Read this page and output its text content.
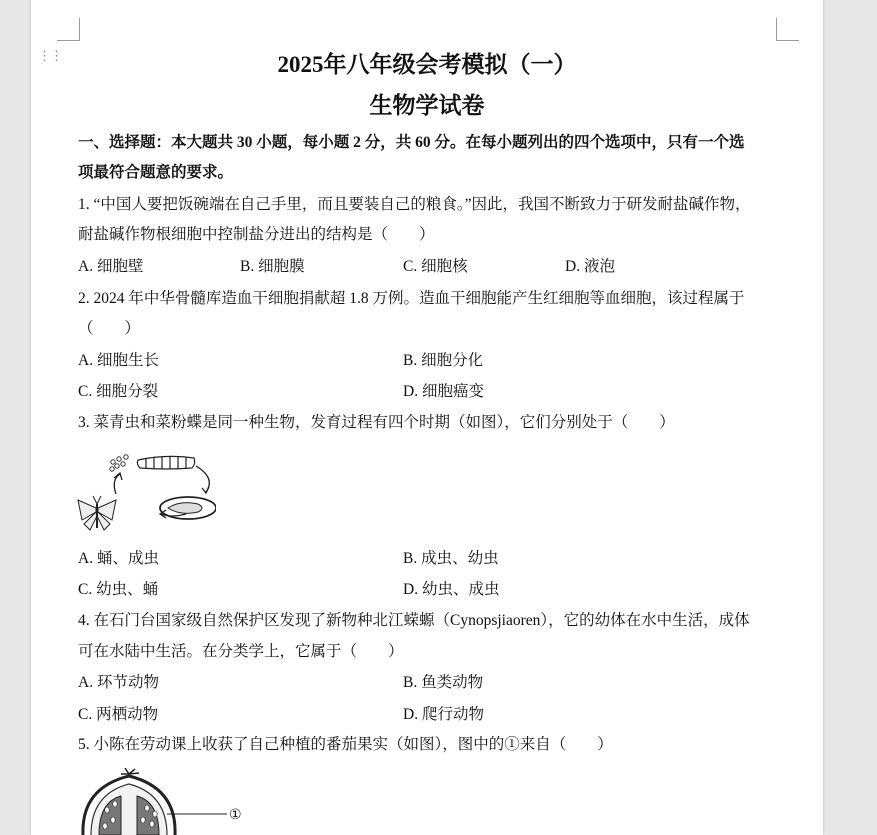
⋮⋮	2025年八年级会考模拟（一）
生物学试卷
一、选择题：本大题共 30 小题，每小题 2 分，共 60 分。在每小题列出的四个选项中，只有一个选
项最符合题意的要求。
1. “中国人要把饭碗端在自己手里，而且要装自己的粮食。”因此，我国不断致力于研发耐盐碱作物，
耐盐碱作物根细胞中控制盐分进出的结构是（　　）
A. 细胞壁	B. 细胞膜	C. 细胞核	D. 液泡
2. 2024 年中华骨髓库造血干细胞捐献超 1.8 万例。造血干细胞能产生红细胞等血细胞，该过程属于
（　　）
A. 细胞生长	B. 细胞分化
C. 细胞分裂	D. 细胞癌变
3. 菜青虫和菜粉蝶是同一种生物，发育过程有四个时期（如图），它们分别处于（　　）
A. 蛹、成虫	B. 成虫、幼虫
C. 幼虫、蛹	D. 幼虫、成虫
4. 在石门台国家级自然保护区发现了新物种北江蝾螈（Cynopsjiaoren），它的幼体在水中生活，成体
可在水陆中生活。在分类学上，它属于（　　）
A. 环节动物	B. 鱼类动物
C. 两栖动物	D. 爬行动物
5. 小陈在劳动课上收获了自己种植的番茄果实（如图），图中的①来自（　　）
①
